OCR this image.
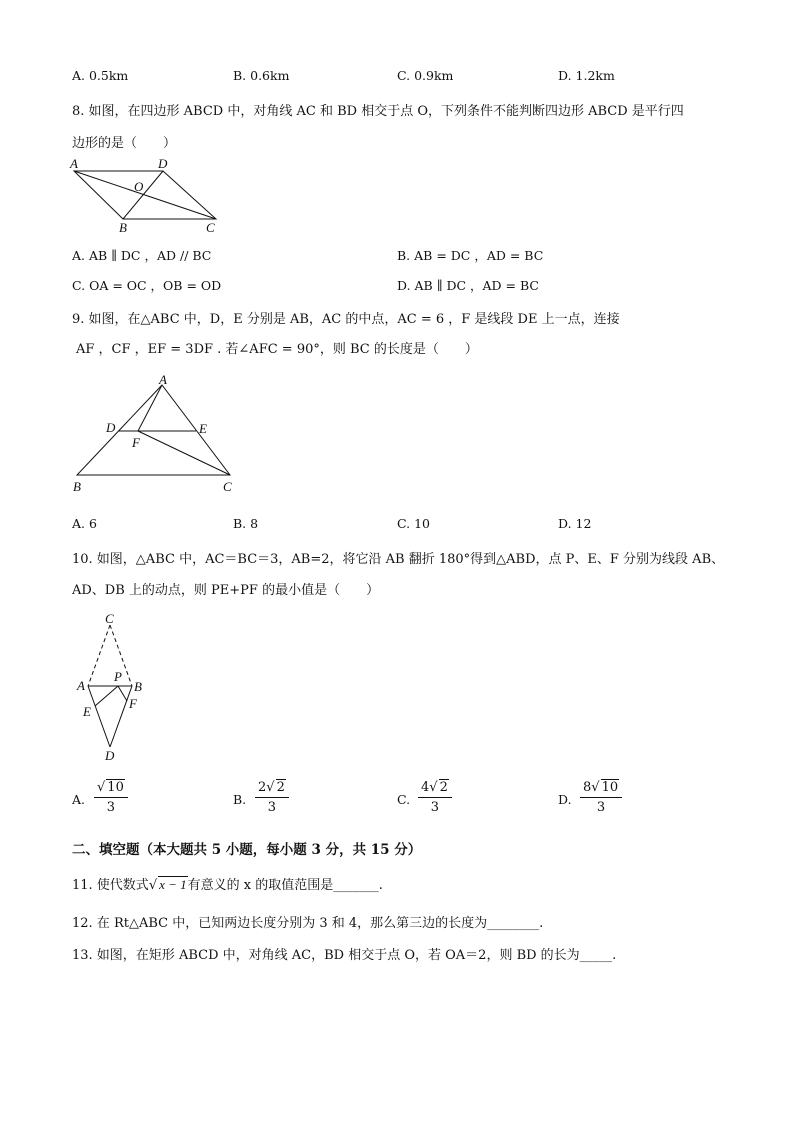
A. 0.5km	B. 0.6km	C. 0.9km	D. 1.2km
8. 如图，在四边形 ABCD 中，对角线 AC 和 BD 相交于点 O，下列条件不能判断四边形 ABCD 是平行四
边形的是（　　）
A	D
O
B	C
A. AB ∥ DC ，AD // BC	B. AB = DC ，AD = BC
C. OA = OC ，OB = OD	D. AB ∥ DC ，AD = BC
9. 如图，在△ABC 中，D，E 分别是 AB，AC 的中点，AC = 6 ，F 是线段 DE 上一点，连接
AF ，CF ，EF = 3DF . 若∠AFC = 90°，则 BC 的长度是（　　）
A
D	E
F
B	C
A. 6	B. 8	C. 10	D. 12
10. 如图，△ABC 中，AC＝BC＝3，AB=2，将它沿 AB 翻折 180°得到△ABD，点 P、E、F 分别为线段 AB、
AD、DB 上的动点，则 PE+PF 的最小值是（　　）
C
A
P
B
E
F
D
A. $\frac{√ 10}{3}$	B. $\frac{2√ 2}{3}$	C. $\frac{4√ 2}{3}$	D. $\frac{8√ 10}{3}$
二、填空题（本大题共 5 小题，每小题 3 分，共 15 分）
11. 使代数式√ x − 1有意义的 x 的取值范围是_______.
12. 在 Rt△ABC 中，已知两边长度分别为 3 和 4，那么第三边的长度为________.
13. 如图，在矩形 ABCD 中，对角线 AC，BD 相交于点 O，若 OA＝2，则 BD 的长为_____.
